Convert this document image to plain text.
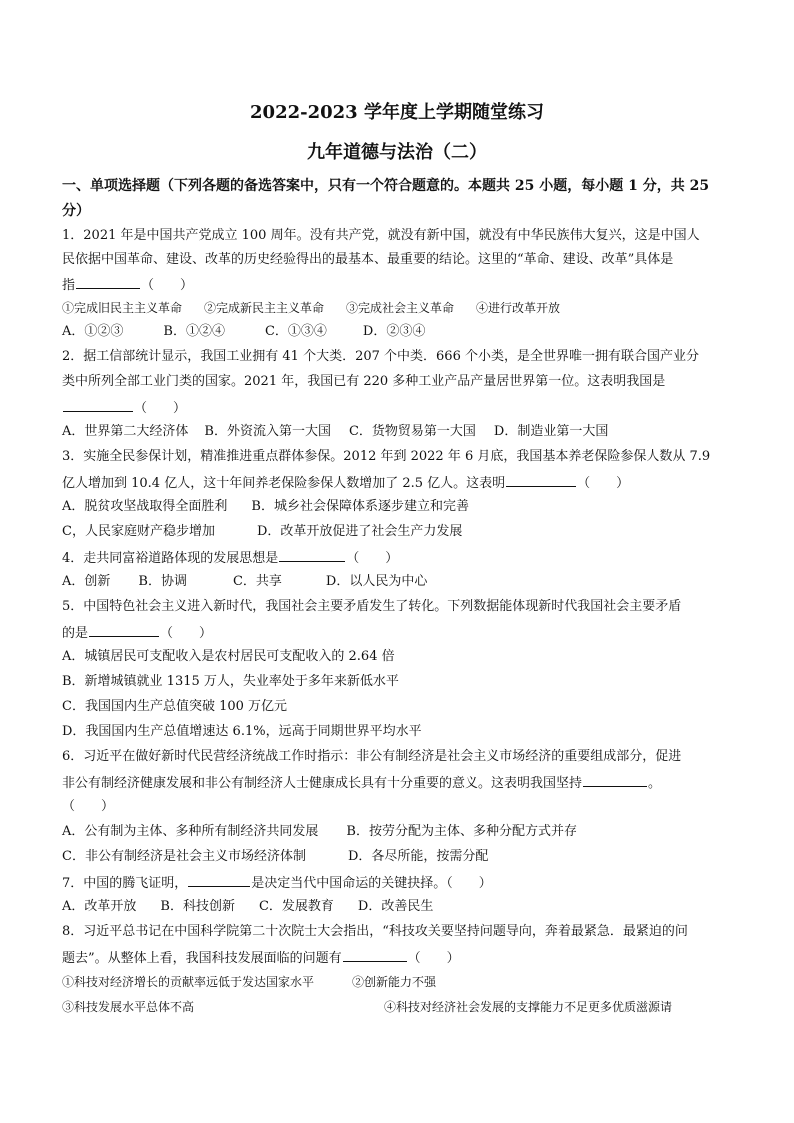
2022-2023 学年度上学期随堂练习
九年道德与法治（二）
一、单项选择题（下列各题的备选答案中，只有一个符合题意的。本题共 25 小题，每小题 1 分，共 25 分）
1．2021 年是中国共产党成立 100 周年。没有共产党，就没有新中国，就没有中华民族伟大复兴，这是中国人
民依据中国革命、建设、改革的历史经验得出的最基本、最重要的结论。这里的“革命、建设、改革”具体是
指	（　　）
①完成旧民主主义革命 ②完成新民主主义革命 ③完成社会主义革命 ④进行改革开放
A．①②③	B．①②④	C．①③④	D．②③④
2．据工信部统计显示，我国工业拥有 41 个大类．207 个中类．666 个小类，是全世界唯一拥有联合国产业分
类中所列全部工业门类的国家。2021 年，我国已有 220 多种工业产品产量居世界第一位。这表明我国是
（　　）
A．世界第二大经济体 B．外资流入第一大国 C．货物贸易第一大国 D．制造业第一大国
3．实施全民参保计划，精准推进重点群体参保。2012 年到 2022 年 6 月底，我国基本养老保险参保人数从 7.9
亿人增加到 10.4 亿人，这十年间养老保险参保人数增加了 2.5 亿人。这表明	（　　）
A．脱贫攻坚战取得全面胜利 B．城乡社会保障体系逐步建立和完善
C，人民家庭财产稳步增加	D．改革开放促进了社会生产力发展
4．走共同富裕道路体现的发展思想是	（　　）
A．创新 B．协调	C．共享	D．以人民为中心
5．中国特色社会主义进入新时代，我国社会主要矛盾发生了转化。下列数据能体现新时代我国社会主要矛盾
的是	（　　）
A．城镇居民可支配收入是农村居民可支配收入的 2.64 倍
B．新增城镇就业 1315 万人，失业率处于多年来新低水平
C．我国国内生产总值突破 100 万亿元
D．我国国内生产总值增速达 6.1%，远高于同期世界平均水平
6．习近平在做好新时代民营经济统战工作时指示：非公有制经济是社会主义市场经济的重要组成部分，促进
非公有制经济健康发展和非公有制经济人士健康成长具有十分重要的意义。这表明我国坚持	。
（　　）
A．公有制为主体、多种所有制经济共同发展 B．按劳分配为主体、多种分配方式并存
C．非公有制经济是社会主义市场经济体制	D．各尽所能，按需分配
7．中国的腾飞证明，	是决定当代中国命运的关键抉择。（　　）
A．改革开放 B．科技创新 C．发展教育 D．改善民生
8．习近平总书记在中国科学院第二十次院士大会指出，“科技攻关要坚持问题导向，奔着最紧急．最紧迫的问
题去”。从整体上看，我国科技发展面临的问题有	（　　）
①科技对经济增长的贡献率远低于发达国家水平	②创新能力不强
③科技发展水平总体不高	④科技对经济社会发展的支撑能力不足更多优质滋源请
